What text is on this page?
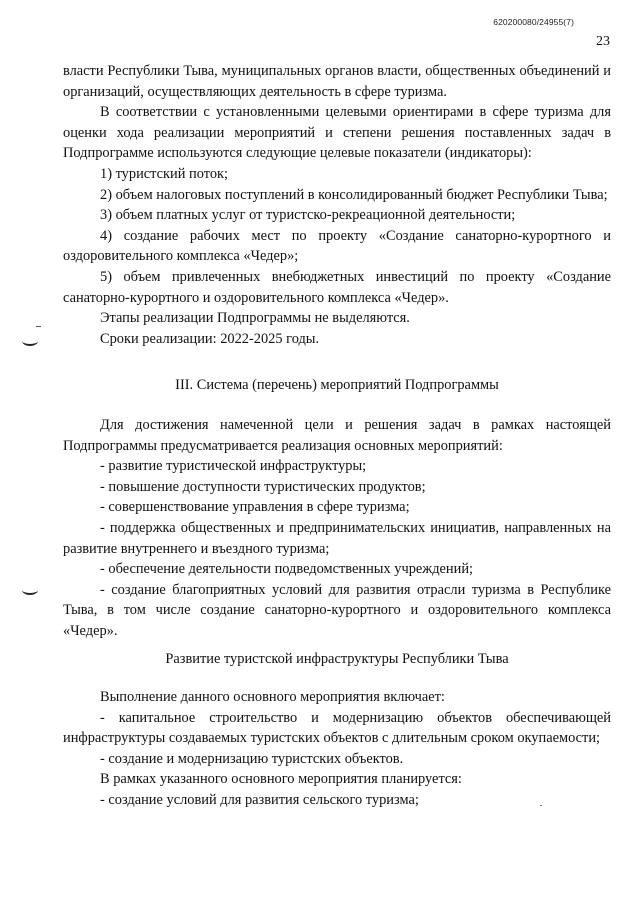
620200080/24955(7)
23

власти Республики Тыва, муниципальных органов власти, общественных объединений и организаций, осуществляющих деятельность в сфере туризма.

В соответствии с установленными целевыми ориентирами в сфере туризма для оценки хода реализации мероприятий и степени решения поставленных задач в Подпрограмме используются следующие целевые показатели (индикаторы):

1) туристский поток;

2) объем налоговых поступлений в консолидированный бюджет Республики Тыва;

3) объем платных услуг от туристско-рекреационной деятельности;

4) создание рабочих мест по проекту «Создание санаторно-курортного и оздоровительного комплекса «Чедер»;

5) объем привлеченных внебюджетных инвестиций по проекту «Создание санаторно-курортного и оздоровительного комплекса «Чедер».

Этапы реализации Подпрограммы не выделяются.

Сроки реализации: 2022-2025 годы.

III. Система (перечень) мероприятий Подпрограммы

Для достижения намеченной цели и решения задач в рамках настоящей Подпрограммы предусматривается реализация основных мероприятий:

- развитие туристической инфраструктуры;

- повышение доступности туристических продуктов;

- совершенствование управления в сфере туризма;

- поддержка общественных и предпринимательских инициатив, направленных на развитие внутреннего и въездного туризма;

- обеспечение деятельности подведомственных учреждений;

- создание благоприятных условий для развития отрасли туризма в Республике Тыва, в том числе создание санаторно-курортного и оздоровительного комплекса «Чедер».

Развитие туристской инфраструктуры Республики Тыва

Выполнение данного основного мероприятия включает:

- капитальное строительство и модернизацию объектов обеспечивающей инфраструктуры создаваемых туристских объектов с длительным сроком окупаемости;

- создание и модернизацию туристских объектов.

В рамках указанного основного мероприятия планируется:

- создание условий для развития сельского туризма;
